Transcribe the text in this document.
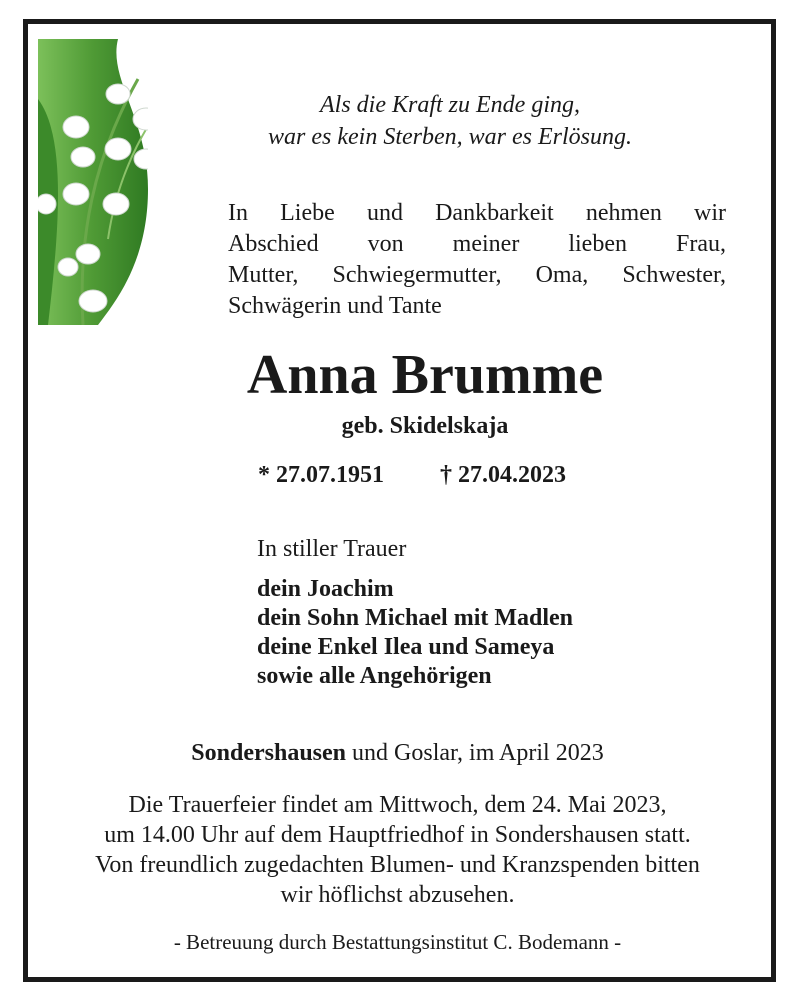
Als die Kraft zu Ende ging,
war es kein Sterben, war es Erlösung.
In Liebe und Dankbarkeit nehmen wir
Abschied von meiner lieben Frau,
Mutter, Schwiegermutter, Oma, Schwester,
Schwägerin und Tante
Anna Brumme
geb. Skidelskaja
* 27.07.1951 † 27.04.2023
In stiller Trauer
dein Joachim
dein Sohn Michael mit Madlen
deine Enkel Ilea und Sameya
sowie alle Angehörigen
Sondershausen und Goslar, im April 2023
Die Trauerfeier findet am Mittwoch, dem 24. Mai 2023,
um 14.00 Uhr auf dem Hauptfriedhof in Sondershausen statt.
Von freundlich zugedachten Blumen- und Kranzspenden bitten
wir höflichst abzusehen.
- Betreuung durch Bestattungsinstitut C. Bodemann -
